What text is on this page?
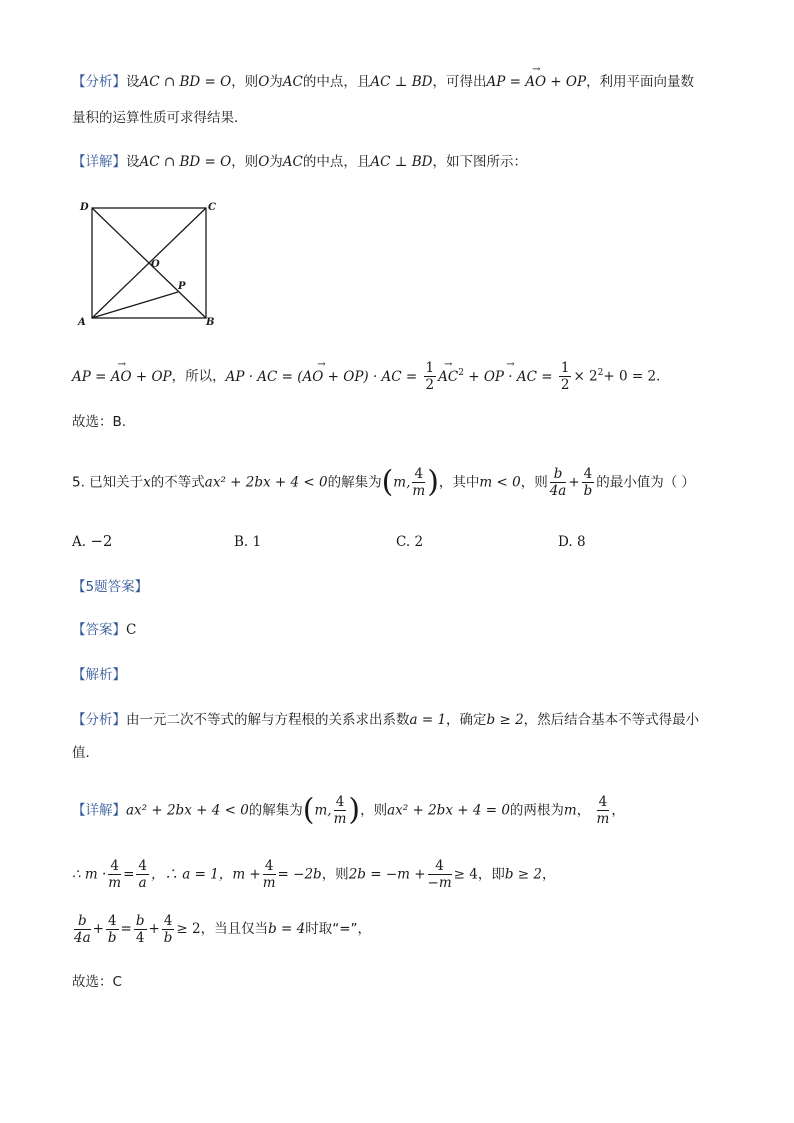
【分析】设AC ∩ BD = O，则O为AC的中点，且AC ⊥ BD，可得出→ AP = AO + OP，利用平面向量数
量积的运算性质可求得结果．
【详解】设AC ∩ BD = O，则O为AC的中点，且AC ⊥ BD，如下图所示：
D	C
A	B
O
P
→ AP = AO + OP，所以，→ AP · AC = (AO + OP) · AC = $\frac{1}{2}$
→ $AC^2$ → + OP · AC = $\frac{1}{2} \times 2^2+ 0 = 2$．
故选：B.
5. 已知关于x的不等式ax² + 2bx + 4 < 0的解集为(m, $\frac{4}{m}$ )，其中m < 0，则 $\frac{b}{4a} + \frac{4}{b}$ 的最小值为（ ）
A. −2	B. 1	C. 2	D. 8
【5题答案】
【答案】C
【解析】
【分析】由一元二次不等式的解与方程根的关系求出系数a = 1，确定b ≥ 2，然后结合基本不等式得最小
值．
【详解】ax² + 2bx + 4 < 0的解集为(m, $\frac{4}{m}$ )，则ax² + 2bx + 4 = 0的两根为m， $\frac{4}{m}$ ，
∴ $m \cdot \frac{4}{m} = \frac{4}{a}$ ，∴ a = 1，$m + \frac{4}{m} = -2b$，则$2b = -m + \frac{4}{-m} \ge 4$，即b ≥ 2，
$\frac{b}{4a} + \frac{4}{b} = \frac{b}{4} + \frac{4}{b} \ge 2$，当且仅当b = 4时取“=”，
故选：C
